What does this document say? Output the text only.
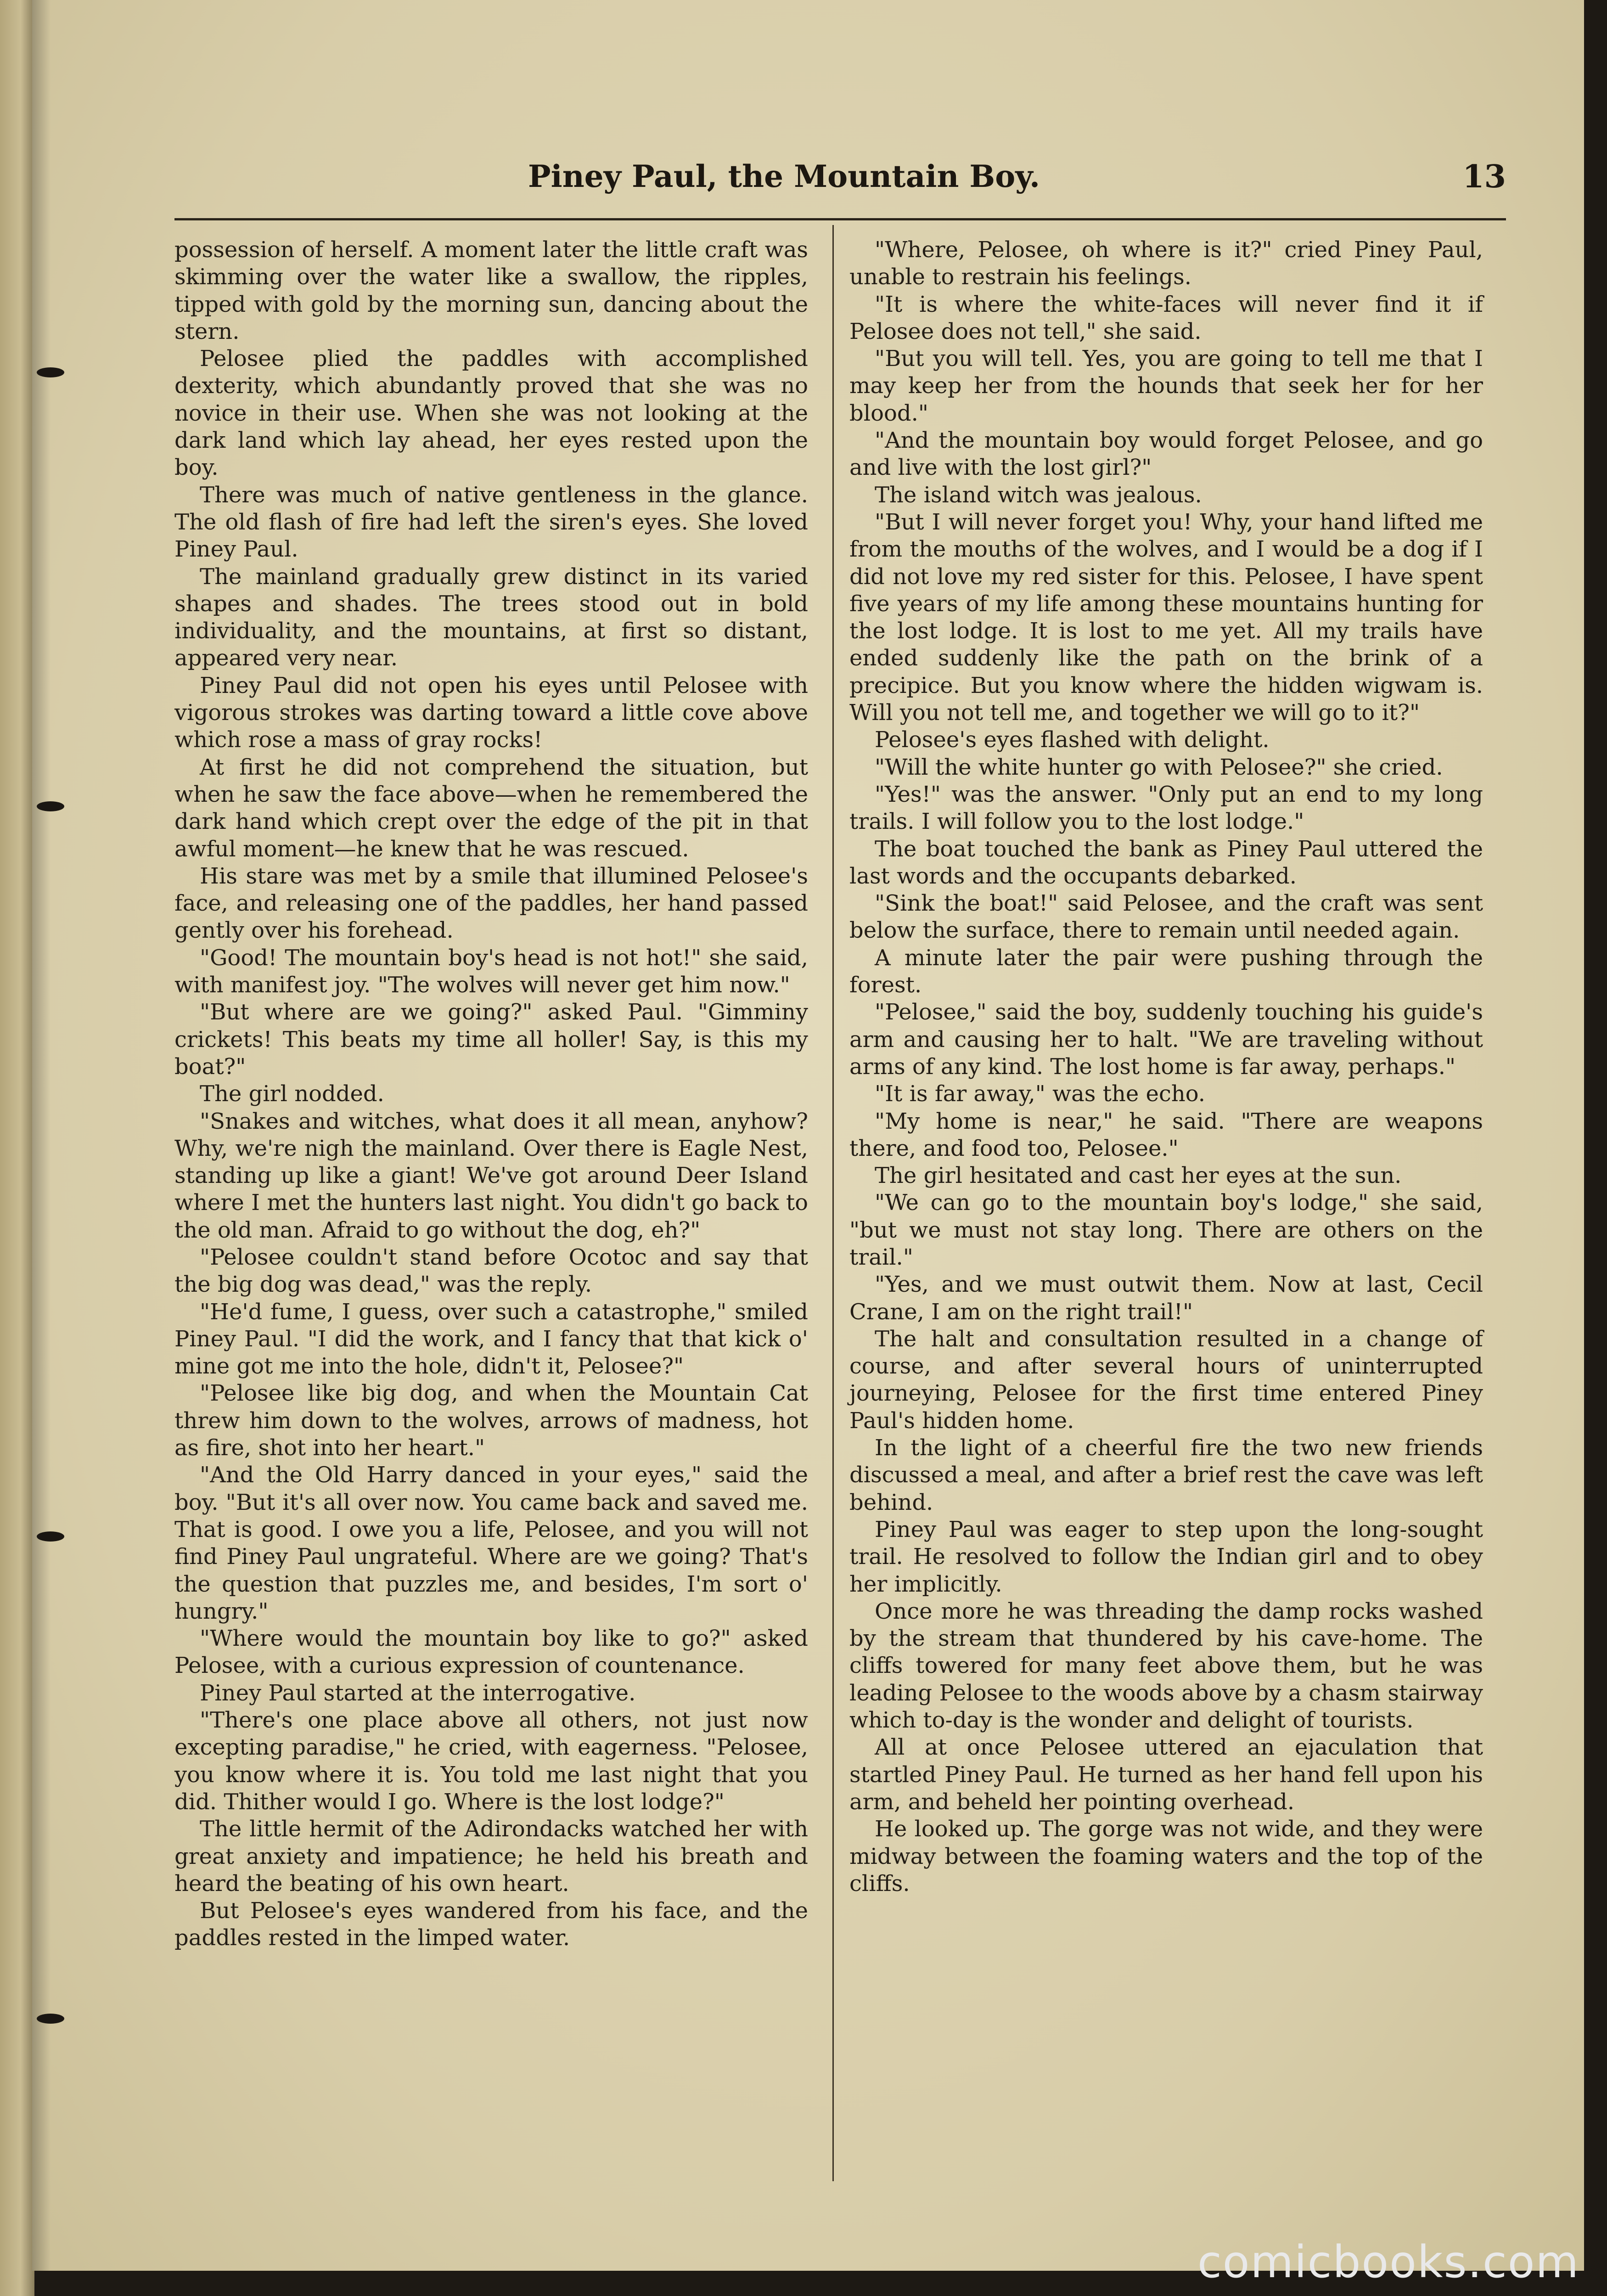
Piney Paul, the Mountain Boy.	13

possession of herself. A moment later the little craft was skimming over the water like a swallow, the ripples, tipped with gold by the morning sun, dancing about the stern.

Pelosee plied the paddles with accomplished dexterity, which abundantly proved that she was no novice in their use. When she was not looking at the dark land which lay ahead, her eyes rested upon the boy.

There was much of native gentleness in the glance. The old flash of fire had left the siren's eyes. She loved Piney Paul.

The mainland gradually grew distinct in its varied shapes and shades. The trees stood out in bold individuality, and the mountains, at first so distant, appeared very near.

Piney Paul did not open his eyes until Pelosee with vigorous strokes was darting toward a little cove above which rose a mass of gray rocks!

At first he did not comprehend the situation, but when he saw the face above—when he remembered the dark hand which crept over the edge of the pit in that awful moment—he knew that he was rescued.

His stare was met by a smile that illumined Pelosee's face, and releasing one of the paddles, her hand passed gently over his forehead.

"Good! The mountain boy's head is not hot!" she said, with manifest joy. "The wolves will never get him now."

"But where are we going?" asked Paul. "Gimminy crickets! This beats my time all holler! Say, is this my boat?"

The girl nodded.

"Snakes and witches, what does it all mean, anyhow? Why, we're nigh the mainland. Over there is Eagle Nest, standing up like a giant! We've got around Deer Island where I met the hunters last night. You didn't go back to the old man. Afraid to go without the dog, eh?"

"Pelosee couldn't stand before Ocotoc and say that the big dog was dead," was the reply.

"He'd fume, I guess, over such a catastrophe," smiled Piney Paul. "I did the work, and I fancy that that kick o' mine got me into the hole, didn't it, Pelosee?"

"Pelosee like big dog, and when the Mountain Cat threw him down to the wolves, arrows of madness, hot as fire, shot into her heart."

"And the Old Harry danced in your eyes," said the boy. "But it's all over now. You came back and saved me. That is good. I owe you a life, Pelosee, and you will not find Piney Paul ungrateful. Where are we going? That's the question that puzzles me, and besides, I'm sort o' hungry."

"Where would the mountain boy like to go?" asked Pelosee, with a curious expression of countenance.

Piney Paul started at the interrogative.

"There's one place above all others, not just now excepting paradise," he cried, with eagerness. "Pelosee, you know where it is. You told me last night that you did. Thither would I go. Where is the lost lodge?"

The little hermit of the Adirondacks watched her with great anxiety and impatience; he held his breath and heard the beating of his own heart.

But Pelosee's eyes wandered from his face, and the paddles rested in the limped water.

"Where, Pelosee, oh where is it?" cried Piney Paul, unable to restrain his feelings.

"It is where the white-faces will never find it if Pelosee does not tell," she said.

"But you will tell. Yes, you are going to tell me that I may keep her from the hounds that seek her for her blood."

"And the mountain boy would forget Pelosee, and go and live with the lost girl?"

The island witch was jealous.

"But I will never forget you! Why, your hand lifted me from the mouths of the wolves, and I would be a dog if I did not love my red sister for this. Pelosee, I have spent five years of my life among these mountains hunting for the lost lodge. It is lost to me yet. All my trails have ended suddenly like the path on the brink of a precipice. But you know where the hidden wigwam is. Will you not tell me, and together we will go to it?"

Pelosee's eyes flashed with delight.

"Will the white hunter go with Pelosee?" she cried.

"Yes!" was the answer. "Only put an end to my long trails. I will follow you to the lost lodge."

The boat touched the bank as Piney Paul uttered the last words and the occupants debarked.

"Sink the boat!" said Pelosee, and the craft was sent below the surface, there to remain until needed again.

A minute later the pair were pushing through the forest.

"Pelosee," said the boy, suddenly touching his guide's arm and causing her to halt. "We are traveling without arms of any kind. The lost home is far away, perhaps."

"It is far away," was the echo.

"My home is near," he said. "There are weapons there, and food too, Pelosee."

The girl hesitated and cast her eyes at the sun.

"We can go to the mountain boy's lodge," she said, "but we must not stay long. There are others on the trail."

"Yes, and we must outwit them. Now at last, Cecil Crane, I am on the right trail!"

The halt and consultation resulted in a change of course, and after several hours of uninterrupted journeying, Pelosee for the first time entered Piney Paul's hidden home.

In the light of a cheerful fire the two new friends discussed a meal, and after a brief rest the cave was left behind.

Piney Paul was eager to step upon the long-sought trail. He resolved to follow the Indian girl and to obey her implicitly.

Once more he was threading the damp rocks washed by the stream that thundered by his cave-home. The cliffs towered for many feet above them, but he was leading Pelosee to the woods above by a chasm stairway which to-day is the wonder and delight of tourists.

All at once Pelosee uttered an ejaculation that startled Piney Paul. He turned as her hand fell upon his arm, and beheld her pointing overhead.

He looked up. The gorge was not wide, and they were midway between the foaming waters and the top of the cliffs.

comicbooks.com
